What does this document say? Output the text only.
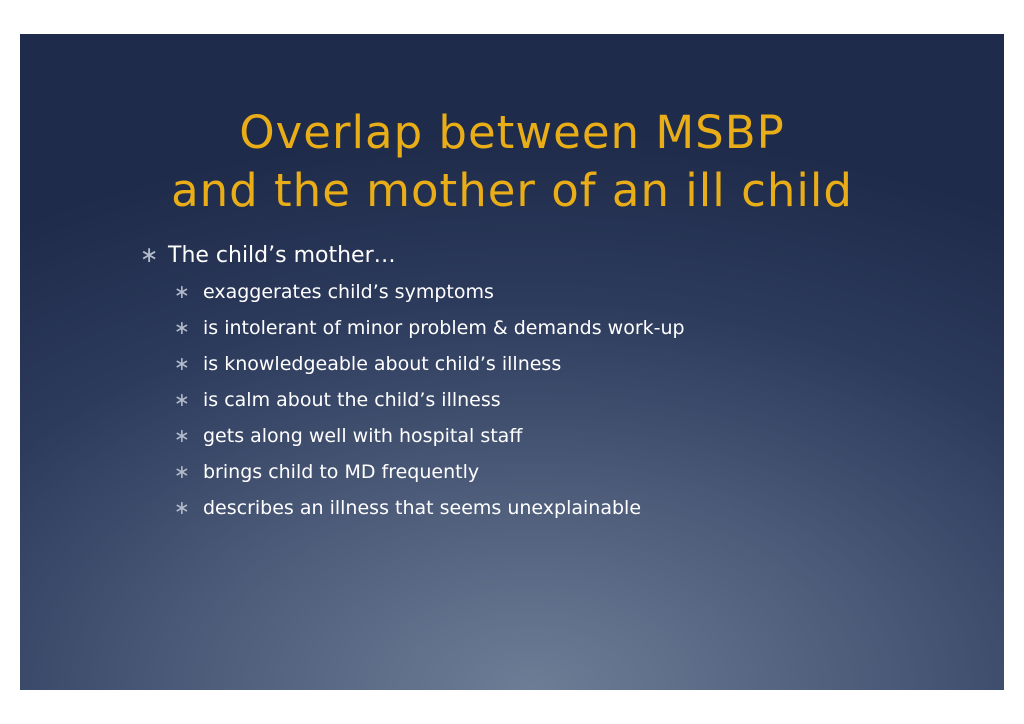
Overlap between MSBP
and the mother of an ill child
∗ The child’s mother…
∗ exaggerates child’s symptoms
∗ is intolerant of minor problem & demands work-up
∗ is knowledgeable about child’s illness
∗ is calm about the child’s illness
∗ gets along well with hospital staff
∗ brings child to MD frequently
∗ describes an illness that seems unexplainable
